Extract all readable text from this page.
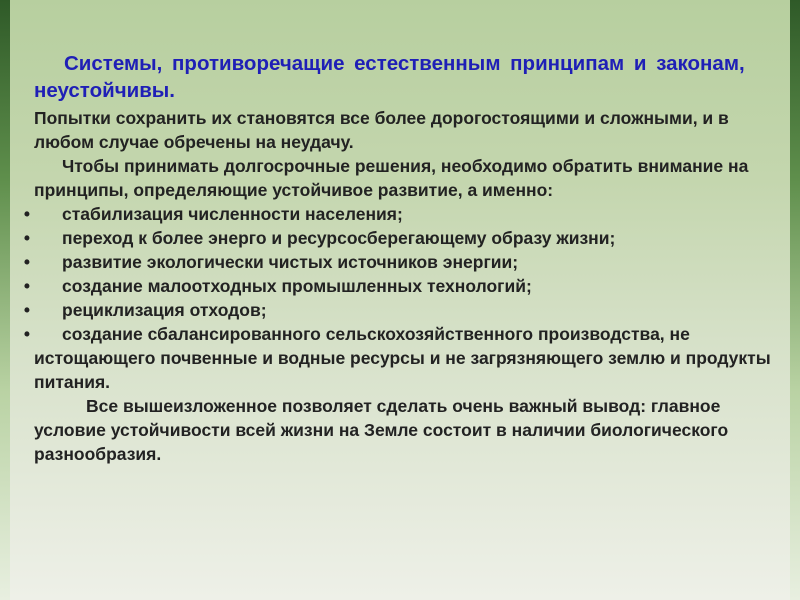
Системы, противоречащие естественным принципам и законам, неустойчивы.

Попытки сохранить их становятся все более дорогостоящими и сложными, и в любом случае обречены на неудачу.

Чтобы принимать долгосрочные решения, необходимо обратить внимание на принципы, определяющие устойчивое развитие, а именно:

• стабилизация численности населения;
• переход к более энерго и ресурсосберегающему образу жизни;
• развитие экологически чистых источников энергии;
• создание малоотходных промышленных технологий;
• рециклизация отходов;
• создание сбалансированного сельскохозяйственного производства, не истощающего почвенные и водные ресурсы и не загрязняющего землю и продукты питания.

Все вышеизложенное позволяет сделать очень важный вывод: главное условие устойчивости всей жизни на Земле состоит в наличии биологического разнообразия.
